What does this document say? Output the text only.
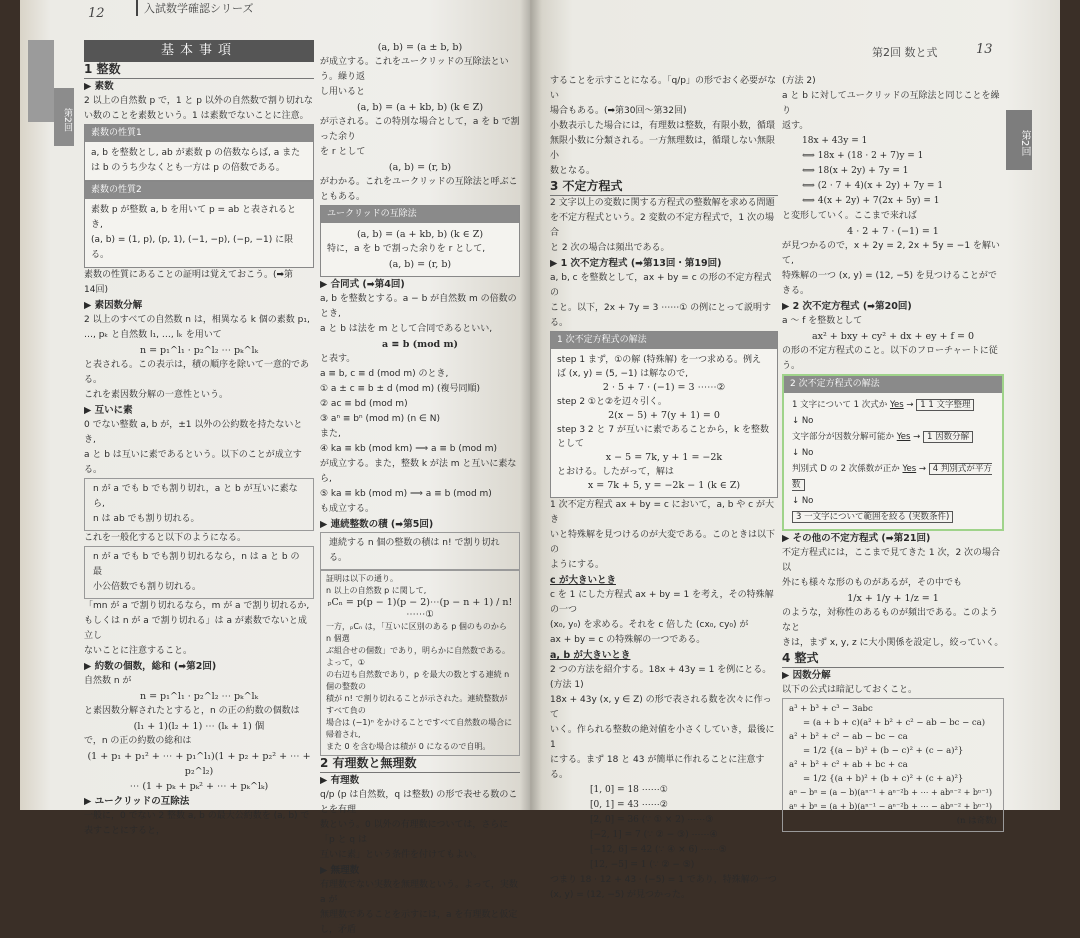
12	入試数学確認シリーズ
第2回 数と式	13
第2回
第2回
基本事項
1 整数
▶ 素数
2 以上の自然数 p で，1 と p 以外の自然数で割り切れな
い数のことを素数という。1 は素数でないことに注意。
素数の性質1
a, b を整数とし, ab が素数 p の倍数ならば, a また
は b のうち少なくとも一方は p の倍数である。
素数の性質2
素数 p が整数 a, b を用いて p = ab と表されるとき,
(a, b) = (1, p), (p, 1), (−1, −p), (−p, −1) に限る。
素数の性質にあることの証明は覚えておこう。(➡第
14回)
▶ 素因数分解
2 以上のすべての自然数 n は，相異なる k 個の素数 p₁,
…, pₖ と自然数 l₁, …, lₖ を用いて
n = p₁^l₁ · p₂^l₂ ⋯ pₖ^lₖ
と表される。この表示は，積の順序を除いて一意的である。
これを素因数分解の一意性という。
▶ 互いに素
0 でない整数 a, b が，±1 以外の公約数を持たないとき,
a と b は互いに素であるという。以下のことが成立する。
n が a でも b でも割り切れ，a と b が互いに素なら,
n は ab でも割り切れる。
これを一般化すると以下のようになる。
n が a でも b でも割り切れるなら，n は a と b の最
小公倍数でも割り切れる。
「mn が a で割り切れるなら，m が a で割り切れるか,
もしくは n が a で割り切れる」は a が素数でないと成立し
ないことに注意すること。
▶ 約数の個数，総和 (➡第2回)
自然数 n が
n = p₁^l₁ · p₂^l₂ ⋯ pₖ^lₖ
と素因数分解されたとすると，n の正の約数の個数は
(l₁ + 1)(l₂ + 1) ⋯ (lₖ + 1) 個
で，n の正の約数の総和は
(1 + p₁ + p₁² + ⋯ + p₁^l₁)(1 + p₂ + p₂² + ⋯ + p₂^l₂)
⋯ (1 + pₖ + pₖ² + ⋯ + pₖ^lₖ)
▶ ユークリッドの互除法
一般に，0 でない 2 整数 a, b の最大公約数を (a, b) で
表すことにすると，
(a, b) = (a ± b, b)
が成立する。これをユークリッドの互除法という。繰り返
し用いると
(a, b) = (a + kb, b) (k ∈ Z)
が示される。この特別な場合として，a を b で割った余り
を r として
(a, b) = (r, b)
がわかる。これをユークリッドの互除法と呼ぶこともある。
ユークリッドの互除法
(a, b) = (a + kb, b) (k ∈ Z)
特に，a を b で割った余りを r として,
(a, b) = (r, b)
▶ 合同式 (➡第4回)
a, b を整数とする。a − b が自然数 m の倍数のとき,
a と b は法を m として合同であるといい,
a ≡ b (mod m)
と表す。
a ≡ b, c ≡ d (mod m) のとき,
① a ± c ≡ b ± d (mod m) (複号同順)
② ac ≡ bd (mod m)
③ aⁿ ≡ bⁿ (mod m) (n ∈ N)
また,
④ ka ≡ kb (mod km) ⟹ a ≡ b (mod m)
が成立する。また，整数 k が法 m と互いに素なら,
⑤ ka ≡ kb (mod m) ⟹ a ≡ b (mod m)
も成立する。
▶ 連続整数の積 (➡第5回)
連続する n 個の整数の積は n! で割り切れる。
証明は以下の通り。
n 以上の自然数 p に関して,
ₚCₙ = p(p − 1)(p − 2)⋯(p − n + 1) / n! ⋯⋯①
一方，ₚCₙ は，「互いに区別のある p 個のものから n 個選
ぶ組合せの個数」であり，明らかに自然数である。よって，①
の右辺も自然数であり，p を最大の数とする連続 n 個の整数の
積が n! で割り切れることが示された。連続整数がすべて負の
場合は (−1)ⁿ をかけることですべて自然数の場合に帰着され,
また 0 を含む場合は積が 0 になるので自明。
2 有理数と無理数
▶ 有理数
q/p (p は自然数，q は整数) の形で表せる数のことを有理
数という。0 以外の有理数については，さらに「p と q は
互いに素」という条件を付けてもよい。
▶ 無理数
有理数でない実数を無理数という。よって，実数 a が
無理数であることを示すには，a を有理数と仮定し，矛盾
することを示すことになる。「q/p」の形でおく必要がない
場合もある。(➡第30回〜第32回)
小数表示した場合には，有理数は整数，有限小数，循環
無限小数に分類される。一方無理数は，循環しない無限小
数となる。
3 不定方程式
2 文字以上の変数に関する方程式の整数解を求める問題
を不定方程式という。2 変数の不定方程式で，1 次の場合
と 2 次の場合は頻出である。
▶ 1 次不定方程式 (➡第13回・第19回)
a, b, c を整数として，ax + by = c の形の不定方程式の
こと。以下，2x + 7y = 3 ⋯⋯① の例にとって説明する。
1 次不定方程式の解法
step 1 まず，①の解 (特殊解) を一つ求める。例え
ば (x, y) = (5, −1) は解なので,
2 · 5 + 7 · (−1) = 3 ⋯⋯②
step 2 ①と②を辺々引く。
2(x − 5) + 7(y + 1) = 0
step 3 2 と 7 が互いに素であることから，k を整数
として
x − 5 = 7k, y + 1 = −2k
とおける。したがって，解は
x = 7k + 5, y = −2k − 1 (k ∈ Z)
1 次不定方程式 ax + by = c において，a, b や c が大き
いと特殊解を見つけるのが大変である。このときは以下の
ようにする。
c が大きいとき
c を 1 にした方程式 ax + by = 1 を考え，その特殊解の一つ
(x₀, y₀) を求める。それを c 倍した (cx₀, cy₀) が
ax + by = c の特殊解の一つである。
a, b が大きいとき
2 つの方法を紹介する。18x + 43y = 1 を例にとる。
(方法 1)
18x + 43y (x, y ∈ Z) の形で表される数を次々に作って
いく。作られる整数の絶対値を小さくしていき，最後に 1
にする。まず 18 と 43 が簡単に作れることに注意する。
[1, 0] = 18 ⋯⋯①
[0, 1] = 43 ⋯⋯②
[2, 0] = 36 (∵ ① × 2) ⋯⋯③
[−2, 1] = 7 (∵ ② − ③) ⋯⋯④
[−12, 6] = 42 (∵ ④ × 6) ⋯⋯⑤
[12, −5] = 1 (∵ ② − ⑤)
つまり 18 · 12 + 43 · (−5) = 1 であり，特殊解の一つ
(x, y) = (12, −5) が見つかった。
(方法 2)
a と b に対してユークリッドの互除法と同じことを繰り
返す。
18x + 43y = 1
⟺ 18x + (18 · 2 + 7)y = 1
⟺ 18(x + 2y) + 7y = 1
⟺ (2 · 7 + 4)(x + 2y) + 7y = 1
⟺ 4(x + 2y) + 7(2x + 5y) = 1
と変形していく。ここまで来れば
4 · 2 + 7 · (−1) = 1
が見つかるので，x + 2y = 2, 2x + 5y = −1 を解いて,
特殊解の一つ (x, y) = (12, −5) を見つけることができる。
▶ 2 次不定方程式 (➡第20回)
a 〜 f を整数として
ax² + bxy + cy² + dx + ey + f = 0
の形の不定方程式のこと。以下のフローチャートに従う。
2 次不定方程式の解法
1 文字について 1 次式か Yes → 1 1 文字整理
↓ No
文字部分が因数分解可能か Yes → 1 因数分解
↓ No
判別式 D の 2 次係数が正か Yes → 4 判別式が平方数
↓ No
3 一文字について範囲を絞る (実数条件)
▶ その他の不定方程式 (➡第21回)
不定方程式には，ここまで見てきた 1 次，2 次の場合以
外にも様々な形のものがあるが，その中でも
1/x + 1/y + 1/z = 1
のような，対称性のあるものが頻出である。このようなと
きは，まず x, y, z に大小関係を設定し，絞っていく。
4 整式
▶ 因数分解
以下の公式は暗記しておくこと。
a³ + b³ + c³ − 3abc
= (a + b + c)(a² + b² + c² − ab − bc − ca)
a² + b² + c² − ab − bc − ca
= 1/2 {(a − b)² + (b − c)² + (c − a)²}
a² + b² + c² + ab + bc + ca
= 1/2 {(a + b)² + (b + c)² + (c + a)²}
aⁿ − bⁿ = (a − b)(aⁿ⁻¹ + aⁿ⁻²b + ⋯ + abⁿ⁻² + bⁿ⁻¹)
aⁿ + bⁿ = (a + b)(aⁿ⁻¹ − aⁿ⁻²b + ⋯ − abⁿ⁻² + bⁿ⁻¹)
(n は奇数)
